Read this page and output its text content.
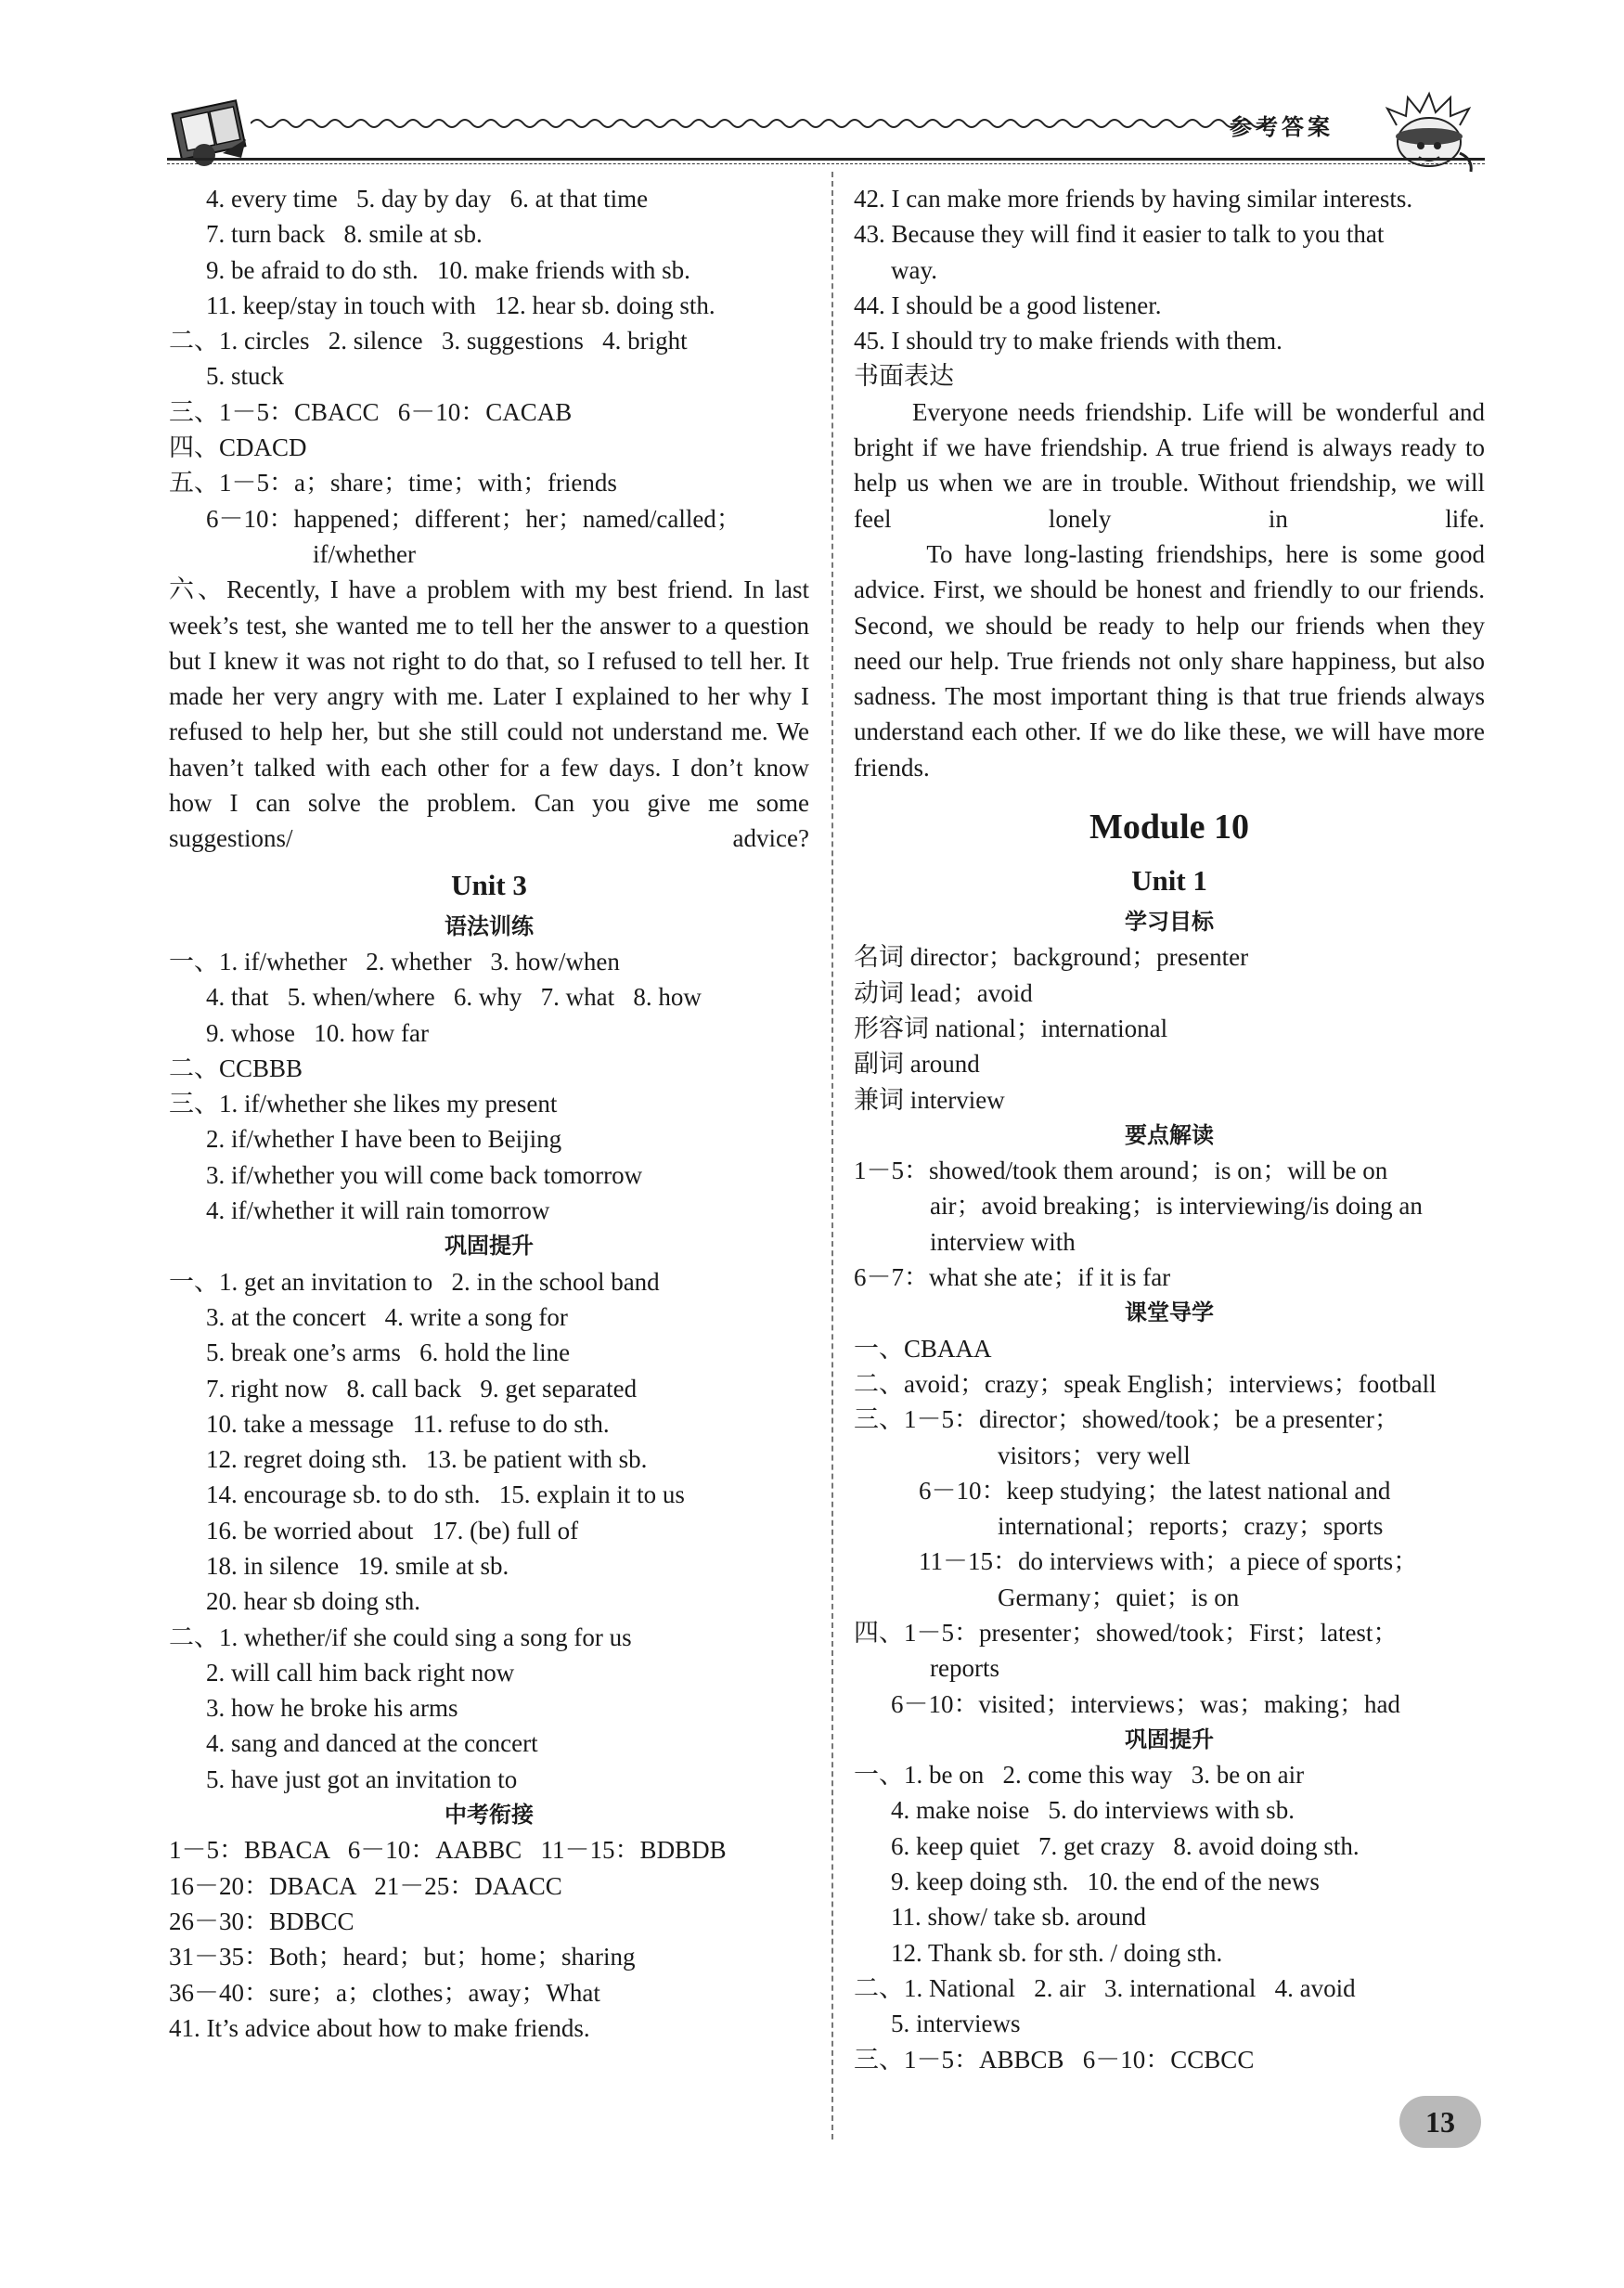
参考答案
4. every time   5. day by day   6. at that time
7. turn back   8. smile at sb.
9. be afraid to do sth.   10. make friends with sb.
11. keep/stay in touch with   12. hear sb. doing sth.
二、1. circles   2. silence   3. suggestions   4. bright
5. stuck
三、1－5：CBACC   6－10：CACAB
四、CDACD
五、1－5：a；share；time；with；friends
6－10：happened；different；her；named/called；
if/whether
六、Recently, I have a problem with my best friend. In last week’s test, she wanted me to tell her the answer to a question but I knew it was not right to do that, so I refused to tell her. It made her very angry with me. Later I explained to her why I refused to help her, but she still could not understand me. We haven’t talked with each other for a few days. I don’t know how I can solve the problem. Can you give me some suggestions/ advice?
Unit 3
语法训练
一、1. if/whether   2. whether   3. how/when
4. that   5. when/where   6. why   7. what   8. how
9. whose   10. how far
二、CCBBB
三、1. if/whether she likes my present
2. if/whether I have been to Beijing
3. if/whether you will come back tomorrow
4. if/whether it will rain tomorrow
巩固提升
一、1. get an invitation to   2. in the school band
3. at the concert   4. write a song for
5. break one’s arms   6. hold the line
7. right now   8. call back   9. get separated
10. take a message   11. refuse to do sth.
12. regret doing sth.   13. be patient with sb.
14. encourage sb. to do sth.   15. explain it to us
16. be worried about   17. (be) full of
18. in silence   19. smile at sb.
20. hear sb doing sth.
二、1. whether/if she could sing a song for us
2. will call him back right now
3. how he broke his arms
4. sang and danced at the concert
5. have just got an invitation to
中考衔接
1－5：BBACA   6－10：AABBC   11－15：BDBDB
16－20：DBACA   21－25：DAACC
26－30：BDBCC
31－35：Both；heard；but；home；sharing
36－40：sure；a；clothes；away；What
41. It’s advice about how to make friends.
42. I can make more friends by having similar interests.
43. Because they will find it easier to talk to you that
way.
44. I should be a good listener.
45. I should try to make friends with them.
书面表达
Everyone needs friendship. Life will be wonderful and bright if we have friendship. A true friend is always ready to help us when we are in trouble. Without friendship, we will feel lonely in life.
To have long-lasting friendships, here is some good advice. First, we should be honest and friendly to our friends. Second, we should be ready to help our friends when they need our help. True friends not only share happiness, but also sadness. The most important thing is that true friends always understand each other. If we do like these, we will have more friends.
Module 10
Unit 1
学习目标
名词 director；background；presenter
动词 lead；avoid
形容词 national；international
副词 around
兼词 interview
要点解读
1－5：showed/took them around；is on；will be on
air；avoid breaking；is interviewing/is doing an
interview with
6－7：what she ate；if it is far
课堂导学
一、CBAAA
二、avoid；crazy；speak English；interviews；football
三、1－5：director；showed/took；be a presenter；
visitors；very well
6－10：keep studying；the latest national and
international；reports；crazy；sports
11－15：do interviews with；a piece of sports；
Germany；quiet；is on
四、1－5：presenter；showed/took；First；latest；
reports
6－10：visited；interviews；was；making；had
巩固提升
一、1. be on   2. come this way   3. be on air
4. make noise   5. do interviews with sb.
6. keep quiet   7. get crazy   8. avoid doing sth.
9. keep doing sth.   10. the end of the news
11. show/ take sb. around
12. Thank sb. for sth. / doing sth.
二、1. National   2. air   3. international   4. avoid
5. interviews
三、1－5：ABBCB   6－10：CCBCC
13
